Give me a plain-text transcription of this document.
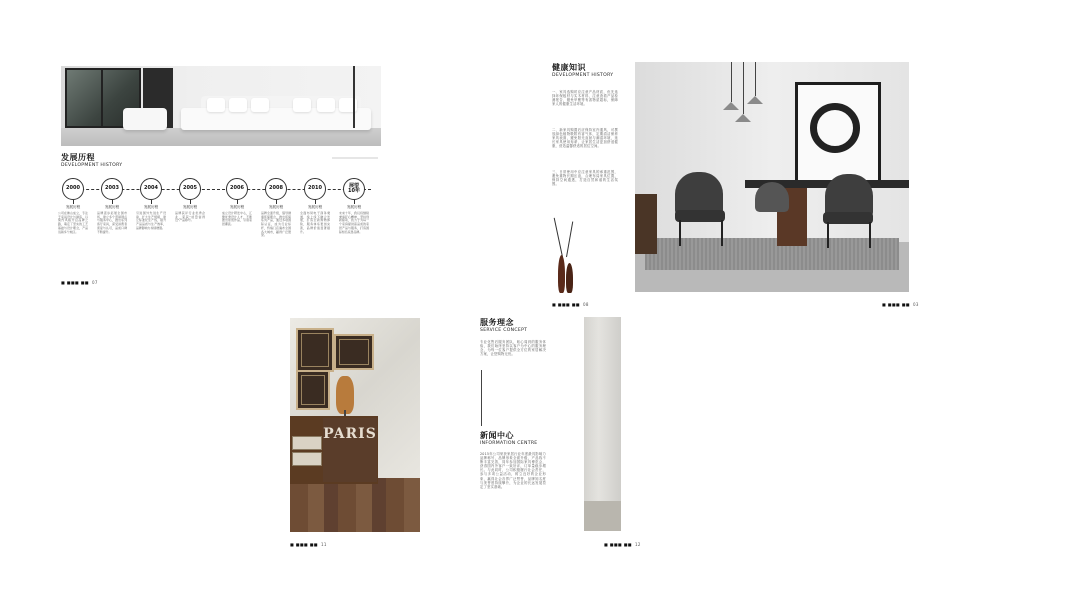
发展历程
DEVELOPMENT HISTORY
2000
发展历程
公司在佛山成立，专注于家具设计与制造，以简约风格开启品牌之路，奠定了坚实的工艺基础与设计理念，产品远销多个地区。
2003
发展历程
品牌逐步拓展全国市场，建立多个营销网点与服务中心，推出系列客厅家具，深受消费者喜爱与认可，品质口碑不断提升。
2004
发展历程
引进国外先进生产设备，扩大生产规模，建立标准化生产线，提升产品品质与生产效率，品牌影响力持续增强。
2005
发展历程
品牌获评行业优秀企业，荣获"质量信得过"产品称号。
2006
发展历程
成立设计研发中心，汇聚优秀设计人才，不断推出原创作品，引领家居潮流。
2008
发展历程
品牌全面升级，倡导健康环保理念，推出环保系列产品，通过多项国际认证，成为行业标杆，终端门店遍布全国各大城市，赢得广泛赞誉。
2010
发展历程
全面布局电子商务渠道，线上线下融合发展，打造全新购物体验，服务体系更加完善，品牌价值显著提升。
展望
10年
发展历程
未来十年，我们将继续秉承匠心精神，坚持创新驱动，致力于为每一个家庭提供高品质的家居产品与服务，打造国际知名家居品牌。
■ ■■■ ■■ 07
健康知识
DEVELOPMENT HISTORY
一、家具选购时应注意产品材质，优先选择环保板材与实木材料，注意查看产品检测报告，避免甲醛等有害物质超标，保障家人的健康生活环境。
二、新家具购置后应保持室内通风，可摆放绿色植物吸附有害气体，定期清洁保养家具表面，避免阳光直射与潮湿环境，延长家具使用寿命，让家居生活更加舒适健康，营造温馨舒适的居住空间。
三、日常使用中应注意家具的承重范围，避免重物长期压迫，合理布局家具位置，保持空间通透，打造自然和谐的生活氛围。
■ ■■■ ■■ 08	■ ■■■ ■■ 03
PARIS
■ ■■■ ■■ 11
服务理念
SERVICE CONCEPT
专业化售后服务团队，贴心周到的服务体验，我们始终坚持以客户为中心的服务理念，为每一位客户提供全方位的家居解决方案，让您购物无忧。
新闻中心
INFORMATION CENTRE
2015年公司荣获家居行业年度最具影响力品牌称号，品牌形象全面升级，产品线不断丰富完善，同年参加国际家具博览会，获得国内外客户一致好评，订单量稳步增长。与此同时，公司积极履行社会责任，参与多项公益活动，树立良好的企业形象，赢得社会各界广泛赞誉，品牌知名度与美誉度持续攀升，为企业的长远发展奠定了坚实基础。
■ ■■■ ■■ 12
